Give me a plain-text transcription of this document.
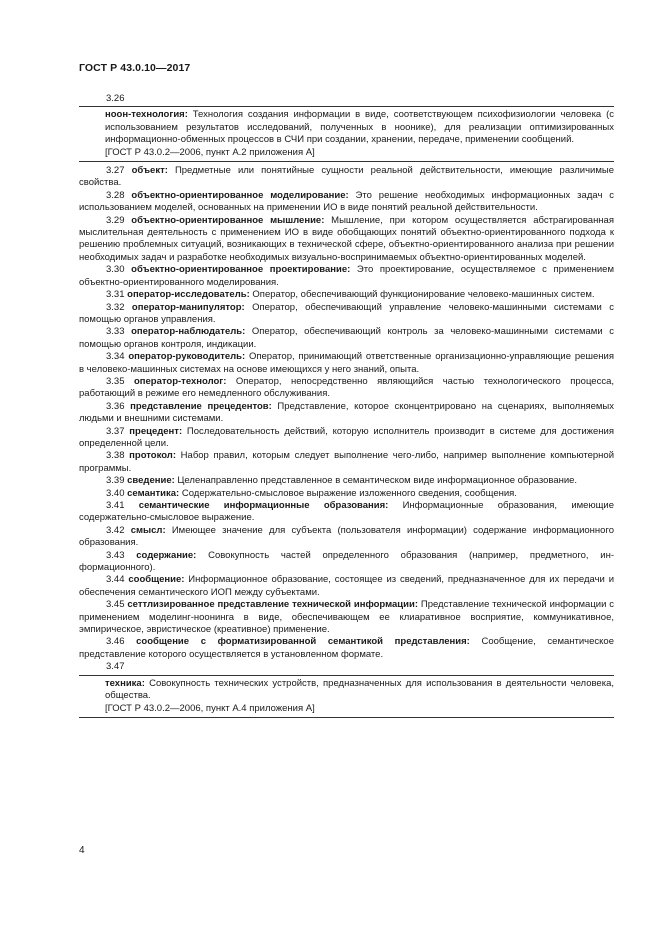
ГОСТ Р 43.0.10—2017
3.26
ноон-технология: Технология создания информации в виде, соответствующем психофизиологии человека (с использованием результатов исследований, полученных в ноонике), для реализации оптимизированных информационно-обменных процессов в СЧИ при создании, хранении, передаче, применении сообщений.
[ГОСТ Р 43.0.2—2006, пункт А.2 приложения А]
3.27 объект: Предметные или понятийные сущности реальной действительности, имеющие различимые свойства.
3.28 объектно-ориентированное моделирование: Это решение необходимых информационных задач с использованием моделей, основанных на применении ИО в виде понятий реальной действительности.
3.29 объектно-ориентированное мышление: Мышление, при котором осуществляется абстрагированная мыслительная деятельность с применением ИО в виде обобщающих понятий объектно-ориентированного подхода к решению проблемных ситуаций, возникающих в технической сфере, объектно-ориентированного анализа при решении необходимых задач и разработке необходимых визуально-воспринимаемых объектно-ориентированных моделей.
3.30 объектно-ориентированное проектирование: Это проектирование, осуществляемое с применением объектно-ориентированного моделирования.
3.31 оператор-исследователь: Оператор, обеспечивающий функционирование человеко-машинных систем.
3.32 оператор-манипулятор: Оператор, обеспечивающий управление человеко-машинными системами с помощью органов управления.
3.33 оператор-наблюдатель: Оператор, обеспечивающий контроль за человеко-машинными системами с помощью органов контроля, индикации.
3.34 оператор-руководитель: Оператор, принимающий ответственные организационно-управляющие решения в человеко-машинных системах на основе имеющихся у него знаний, опыта.
3.35 оператор-технолог: Оператор, непосредственно являющийся частью технологического процесса, работающий в режиме его немедленного обслуживания.
3.36 представление прецедентов: Представление, которое сконцентрировано на сценариях, выполняемых людьми и внешними системами.
3.37 прецедент: Последовательность действий, которую исполнитель производит в системе для достижения определенной цели.
3.38 протокол: Набор правил, которым следует выполнение чего-либо, например выполнение компьютерной программы.
3.39 сведение: Целенаправленно представленное в семантическом виде информационное образование.
3.40 семантика: Содержательно-смысловое выражение изложенного сведения, сообщения.
3.41 семантические информационные образования: Информационные образования, имеющие содержательно-смысловое выражение.
3.42 смысл: Имеющее значение для субъекта (пользователя информации) содержание информационного образования.
3.43 содержание: Совокупность частей определенного образования (например, предметного, информационного).
3.44 сообщение: Информационное образование, состоящее из сведений, предназначенное для их передачи и обеспечения семантического ИОП между субъектами.
3.45 сеттлизированное представление технической информации: Представление технической информации с применением моделинг-ноонинга в виде, обеспечивающем ее клиаративное восприятие, коммуникативное, эмпирическое, эвристическое (креативное) применение.
3.46 сообщение с форматизированной семантикой представления: Сообщение, семантическое представление которого осуществляется в установленном формате.
3.47
техника: Совокупность технических устройств, предназначенных для использования в деятельности человека, общества.
[ГОСТ Р 43.0.2—2006, пункт А.4 приложения А]
4
